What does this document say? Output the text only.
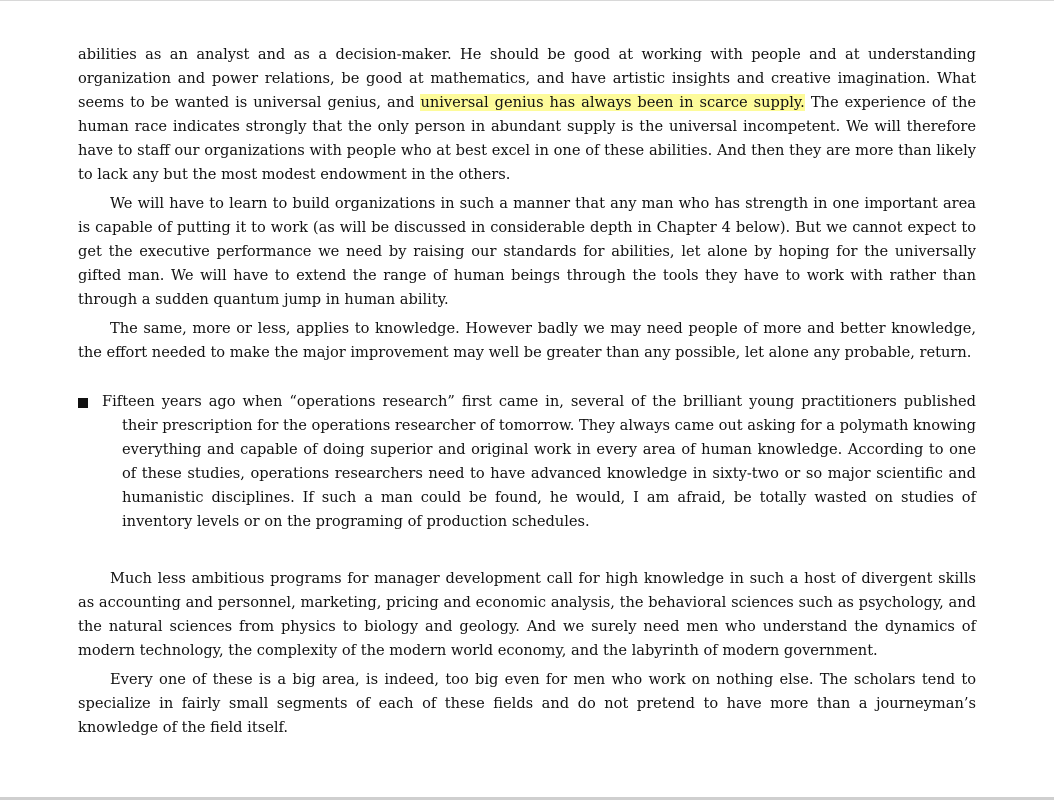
abilities as an analyst and as a decision-maker. He should be good at working with people and at understanding organization and power relations, be good at mathematics, and have artistic insights and creative imagination. What seems to be wanted is universal genius, and universal genius has always been in scarce supply. The experience of the human race indicates strongly that the only person in abundant supply is the universal incompetent. We will therefore have to staff our organizations with people who at best excel in one of these abilities. And then they are more than likely to lack any but the most modest endowment in the others.

We will have to learn to build organizations in such a manner that any man who has strength in one important area is capable of putting it to work (as will be discussed in considerable depth in Chapter 4 below). But we cannot expect to get the executive performance we need by raising our standards for abilities, let alone by hoping for the universally gifted man. We will have to extend the range of human beings through the tools they have to work with rather than through a sudden quantum jump in human ability.

The same, more or less, applies to knowledge. However badly we may need people of more and better knowledge, the effort needed to make the major improvement may well be greater than any possible, let alone any probable, return.

Fifteen years ago when “operations research” first came in, several of the brilliant young practitioners published their prescription for the operations researcher of tomorrow. They always came out asking for a polymath knowing everything and capable of doing superior and original work in every area of human knowledge. According to one of these studies, operations researchers need to have advanced knowledge in sixty-two or so major scientific and humanistic disciplines. If such a man could be found, he would, I am afraid, be totally wasted on studies of inventory levels or on the programing of production schedules.

Much less ambitious programs for manager development call for high knowledge in such a host of divergent skills as accounting and personnel, marketing, pricing and economic analysis, the behavioral sciences such as psychology, and the natural sciences from physics to biology and geology. And we surely need men who understand the dynamics of modern technology, the complexity of the modern world economy, and the labyrinth of modern government.

Every one of these is a big area, is indeed, too big even for men who work on nothing else. The scholars tend to specialize in fairly small segments of each of these fields and do not pretend to have more than a journeyman’s knowledge of the field itself.
